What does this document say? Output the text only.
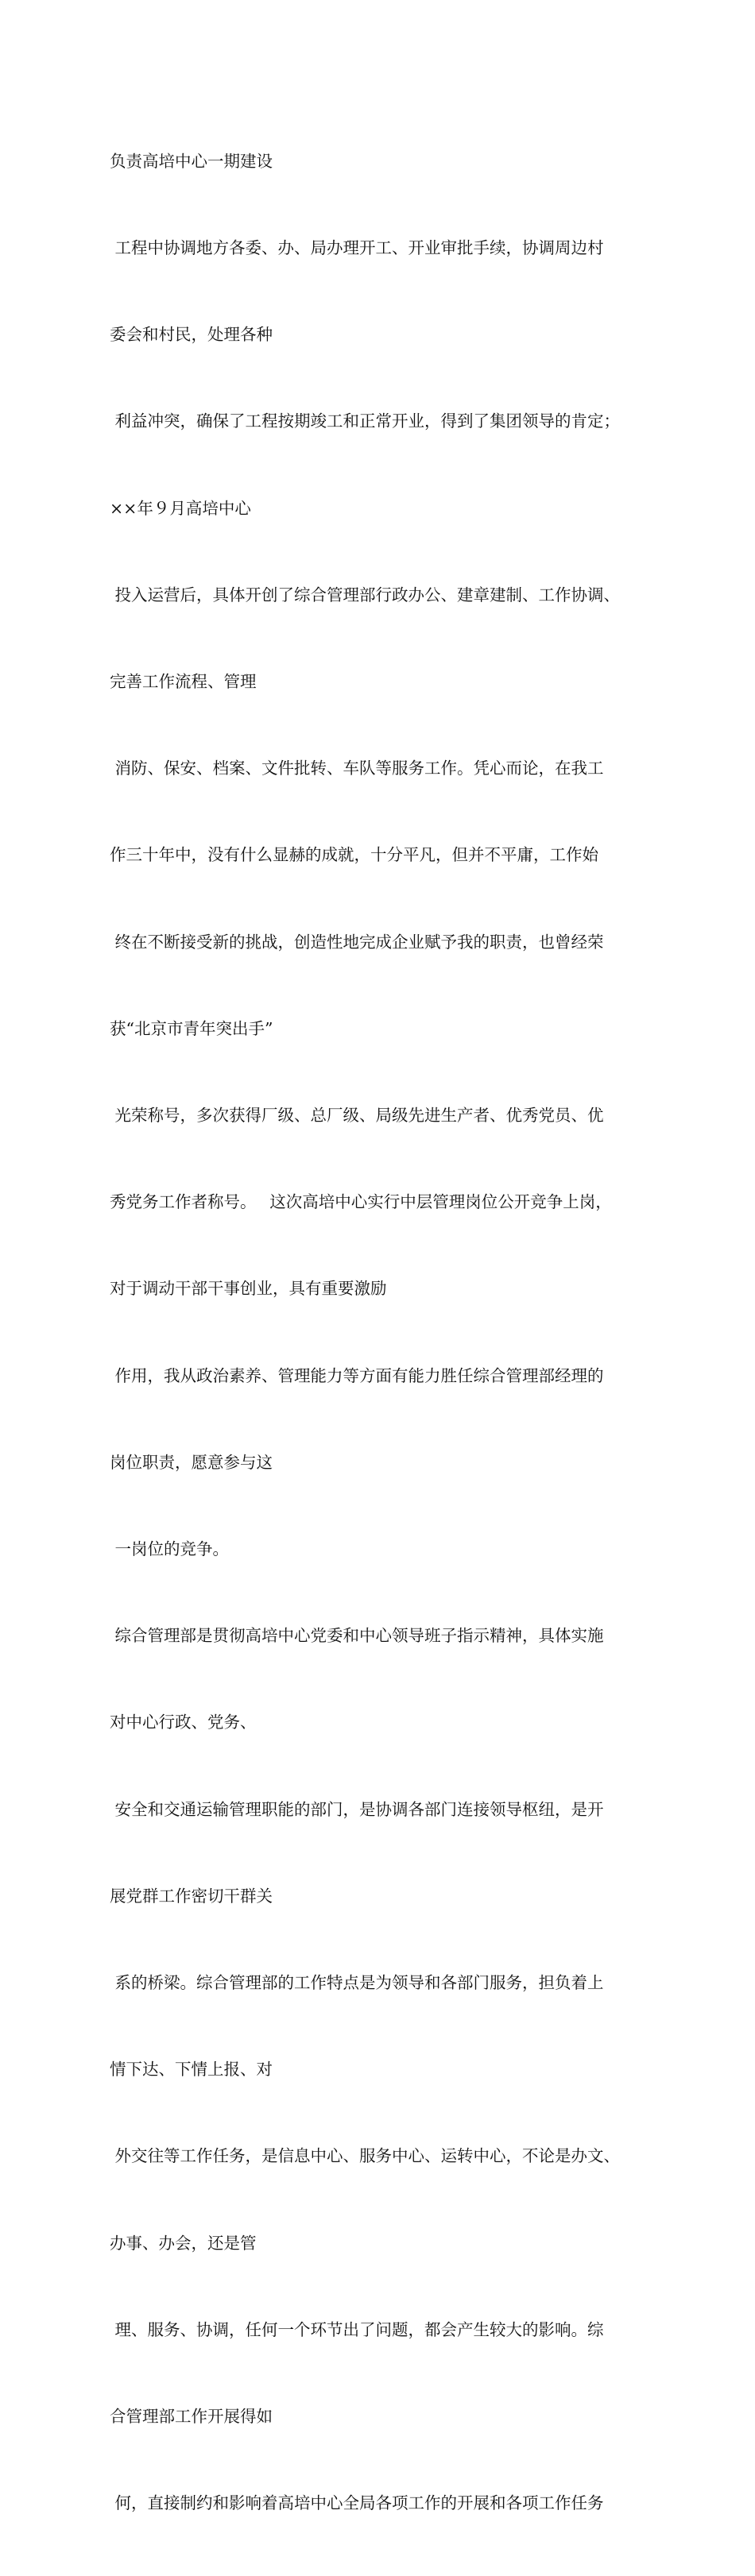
负责高培中心一期建设

工程中协调地方各委、办、局办理开工、开业审批手续，协调周边村

委会和村民，处理各种

利益冲突，确保了工程按期竣工和正常开业，得到了集团领导的肯定；

××年９月高培中心

投入运营后，具体开创了综合管理部行政办公、建章建制、工作协调、

完善工作流程、管理

消防、保安、档案、文件批转、车队等服务工作。凭心而论，在我工

作三十年中，没有什么显赫的成就，十分平凡，但并不平庸，工作始

终在不断接受新的挑战，创造性地完成企业赋予我的职责，也曾经荣

获“北京市青年突出手”

光荣称号，多次获得厂级、总厂级、局级先进生产者、优秀党员、优

秀党务工作者称号。　 这次高培中心实行中层管理岗位公开竞争上岗，

对于调动干部干事创业，具有重要激励

作用，我从政治素养、管理能力等方面有能力胜任综合管理部经理的

岗位职责，愿意参与这

一岗位的竞争。

综合管理部是贯彻高培中心党委和中心领导班子指示精神，具体实施

对中心行政、党务、

安全和交通运输管理职能的部门，是协调各部门连接领导枢纽，是开

展党群工作密切干群关

系的桥梁。综合管理部的工作特点是为领导和各部门服务，担负着上

情下达、下情上报、对

外交往等工作任务，是信息中心、服务中心、运转中心，不论是办文、

办事、办会，还是管

理、服务、协调，任何一个环节出了问题，都会产生较大的影响。综

合管理部工作开展得如

何，直接制约和影响着高培中心全局各项工作的开展和各项工作任务
